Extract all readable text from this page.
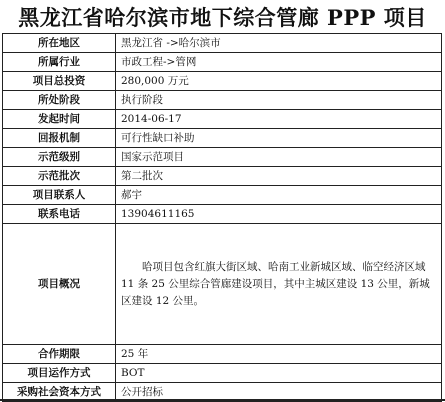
黑龙江省哈尔滨市地下综合管廊 PPP 项目
所在地区	黑龙江省 ->哈尔滨市
所属行业	市政工程->管网
项目总投资	280,000 万元
所处阶段	执行阶段
发起时间	2014-06-17
回报机制	可行性缺口补助
示范级别	国家示范项目
示范批次	第二批次
项目联系人	郝宇
联系电话	13904611165
项目概况	哈项目包含红旗大街区域、哈南工业新城区域、临空经济区域 11 条 25 公里综合管廊建设项目，其中主城区建设 13 公里，新城区建设 12 公里。

合作期限	25 年
项目运作方式	BOT
采购社会资本方式	公开招标
